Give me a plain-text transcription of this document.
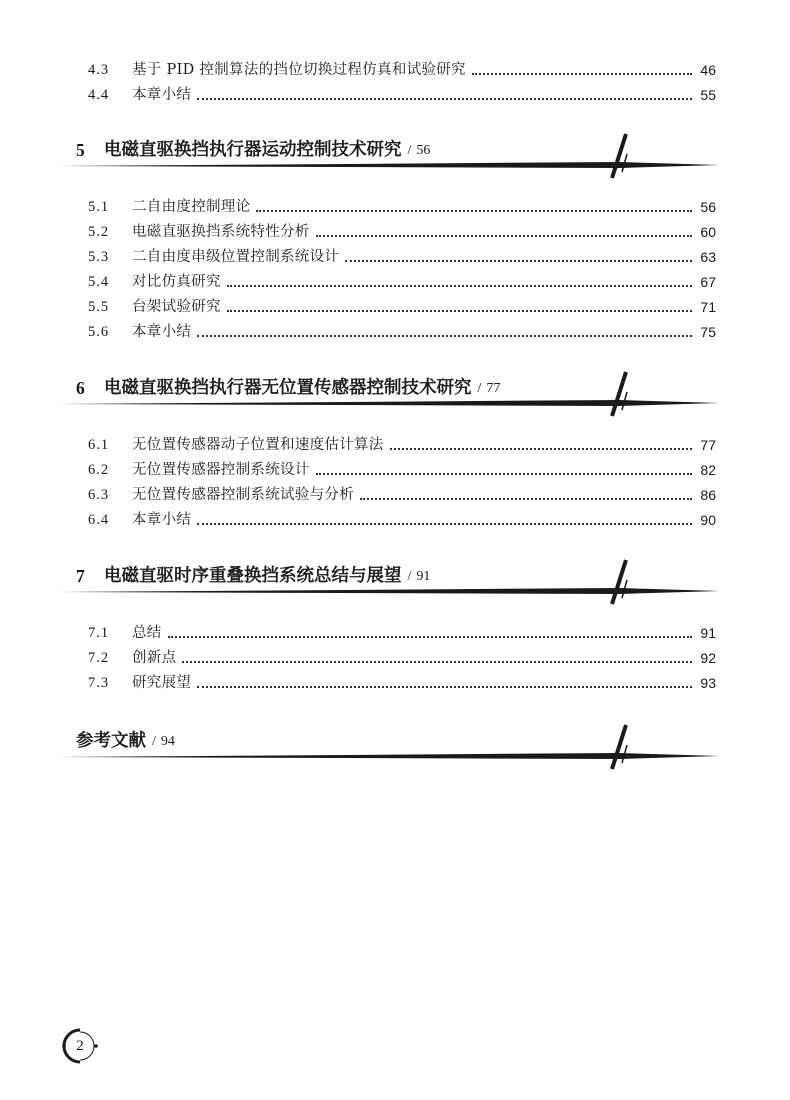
4.3	基于 PID 控制算法的挡位切换过程仿真和试验研究	46
4.4	本章小结	55
5	电磁直驱换挡执行器运动控制技术研究 / 56
5.1	二自由度控制理论	56
5.2	电磁直驱换挡系统特性分析	60
5.3	二自由度串级位置控制系统设计	63
5.4	对比仿真研究	67
5.5	台架试验研究	71
5.6	本章小结	75
6	电磁直驱换挡执行器无位置传感器控制技术研究 / 77
6.1	无位置传感器动子位置和速度估计算法	77
6.2	无位置传感器控制系统设计	82
6.3	无位置传感器控制系统试验与分析	86
6.4	本章小结	90
7	电磁直驱时序重叠换挡系统总结与展望 / 91
7.1	总结	91
7.2	创新点	92
7.3	研究展望	93
参考文献 / 94
2
